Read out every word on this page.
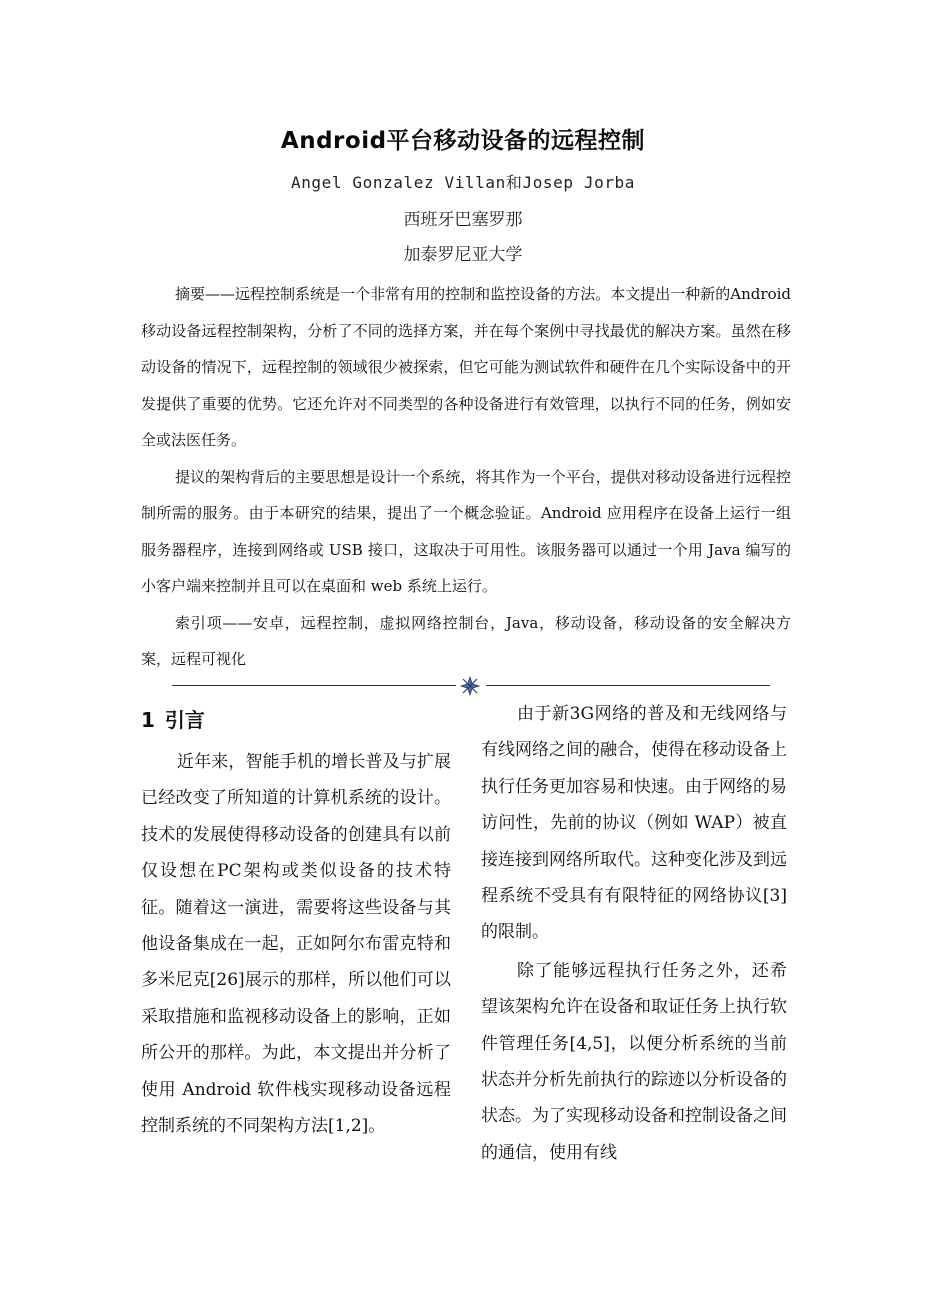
Android平台移动设备的远程控制
Angel Gonzalez Villan和Josep Jorba
西班牙巴塞罗那
加泰罗尼亚大学

摘要——远程控制系统是一个非常有用的控制和监控设备的方法。本文提出一种新的Android 移动设备远程控制架构，分析了不同的选择方案，并在每个案例中寻找最优的解决方案。虽然在移动设备的情况下，远程控制的领域很少被探索，但它可能为测试软件和硬件在几个实际设备中的开发提供了重要的优势。它还允许对不同类型的各种设备进行有效管理，以执行不同的任务，例如安全或法医任务。

提议的架构背后的主要思想是设计一个系统，将其作为一个平台，提供对移动设备进行远程控制所需的服务。由于本研究的结果，提出了一个概念验证。Android 应用程序在设备上运行一组服务器程序，连接到网络或 USB 接口，这取决于可用性。该服务器可以通过一个用 Java 编写的小客户端来控制并且可以在桌面和 web 系统上运行。

索引项——安卓，远程控制，虚拟网络控制台，Java，移动设备，移动设备的安全解决方案，远程可视化

1 引言

近年来，智能手机的增长普及与扩展已经改变了所知道的计算机系统的设计。技术的发展使得移动设备的创建具有以前仅设想在PC架构或类似设备的技术特征。随着这一演进，需要将这些设备与其他设备集成在一起，正如阿尔布雷克特和多米尼克[26]展示的那样，所以他们可以采取措施和监视移动设备上的影响，正如所公开的那样。为此，本文提出并分析了使用 Android 软件栈实现移动设备远程控制系统的不同架构方法[1,2]。

由于新3G网络的普及和无线网络与有线网络之间的融合，使得在移动设备上执行任务更加容易和快速。由于网络的易访问性，先前的协议（例如 WAP）被直接连接到网络所取代。这种变化涉及到远程系统不受具有有限特征的网络协议[3]的限制。

除了能够远程执行任务之外，还希望该架构允许在设备和取证任务上执行软件管理任务[4,5]，以便分析系统的当前状态并分析先前执行的踪迹以分析设备的状态。为了实现移动设备和控制设备之间的通信，使用有线
